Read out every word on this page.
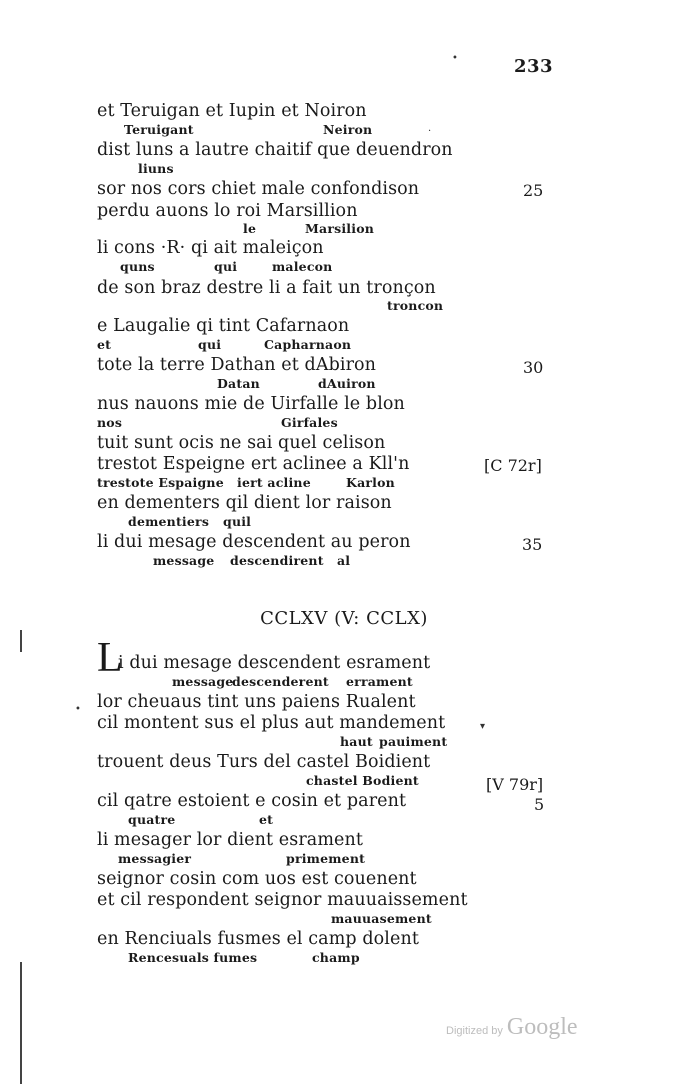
233
•
·
•
▾
et Teruigan et Iupin et Noiron
Teruigant	Neiron
dist luns a lautre chaitif que deuendron
liuns
sor nos cors chiet male confondison	25
perdu auons lo roi Marsillion
le	Marsilion
li cons ·R· qi ait maleiçon
quns	qui	malecon
de son braz destre li a fait un tronçon
troncon
e Laugalie qi tint Cafarnaon
et	qui	Capharnaon
tote la terre Dathan et dAbiron
Datan	dAuiron
30
nus nauons mie de Uirfalle le blon
nos	Girfales
tuit sunt ocis ne sai quel celison
trestot Espeigne ert aclinee a Kll'n
trestote Espaigne iert acline	Karlon
[C 72r]
en dementers qil dient lor raison
dementiers quil
li dui mesage descendent au peron
message descendirent al
35
CCLXV (V: CCLX)
L
i dui mesage descendent esrament
message
descenderent errament
lor cheuaus tint uns paiens Rualent
cil montent sus el plus aut mandement
haut pauiment
trouent deus Turs del castel Boidient
chastel Bodient	[V 79r]
cil qatre estoient e cosin et parent
quatre	et
5
li mesager lor dient esrament
messagier	primement
seignor cosin com uos est couenent
et cil respondent seignor mauuaissement
mauuasement
en Renciuals fusmes el camp dolent
Rencesuals fumes	champ
Digitized by Google
